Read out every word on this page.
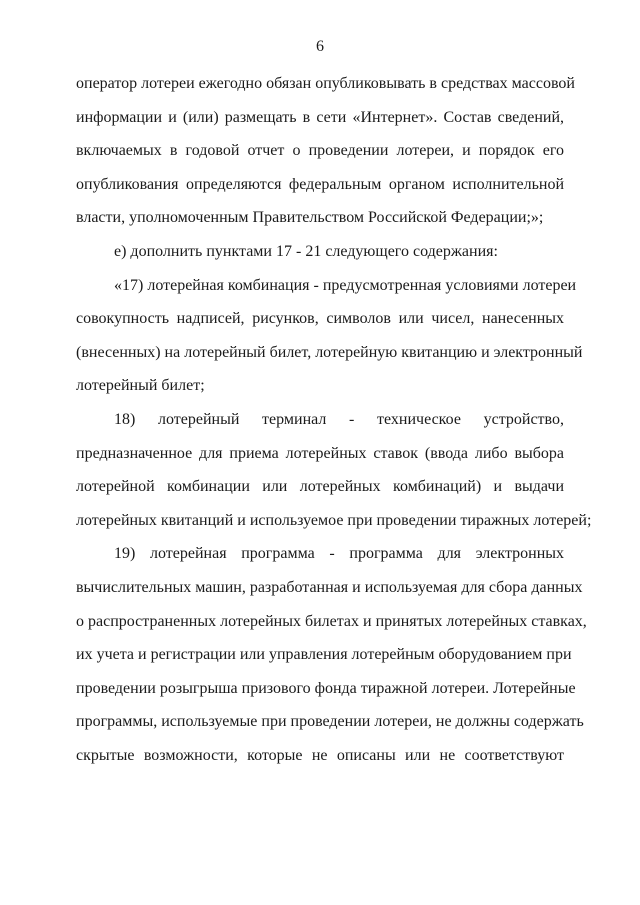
6
оператор лотереи ежегодно обязан опубликовывать в средствах массовой
информации и (или) размещать в сети «Интернет». Состав сведений,
включаемых в годовой отчет о проведении лотереи, и порядок его
опубликования определяются федеральным органом исполнительной
власти, уполномоченным Правительством Российской Федерации;»;
е) дополнить пунктами 17 - 21 следующего содержания:
«17) лотерейная комбинация - предусмотренная условиями лотереи
совокупность надписей, рисунков, символов или чисел, нанесенных
(внесенных) на лотерейный билет, лотерейную квитанцию и электронный
лотерейный билет;
18) лотерейный терминал - техническое устройство,
предназначенное для приема лотерейных ставок (ввода либо выбора
лотерейной комбинации или лотерейных комбинаций) и выдачи
лотерейных квитанций и используемое при проведении тиражных лотерей;
19) лотерейная программа - программа для электронных
вычислительных машин, разработанная и используемая для сбора данных
о распространенных лотерейных билетах и принятых лотерейных ставках,
их учета и регистрации или управления лотерейным оборудованием при
проведении розыгрыша призового фонда тиражной лотереи. Лотерейные
программы, используемые при проведении лотереи, не должны содержать
скрытые возможности, которые не описаны или не соответствуют
